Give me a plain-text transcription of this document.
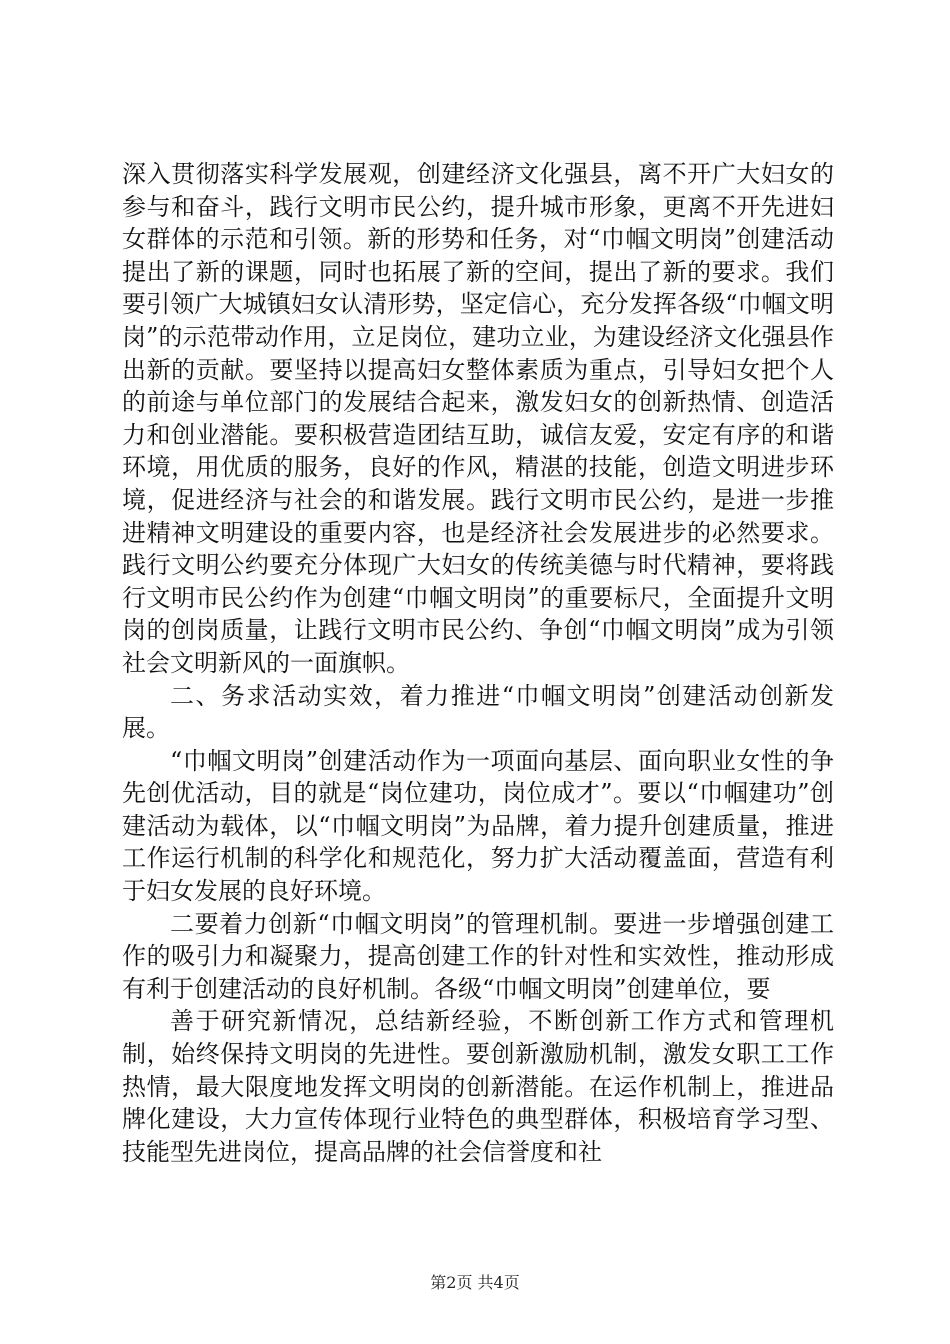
深入贯彻落实科学发展观，创建经济文化强县，离不开广大妇女的参与和奋斗，践行文明市民公约，提升城市形象，更离不开先进妇女群体的示范和引领。新的形势和任务，对“巾帼文明岗”创建活动提出了新的课题，同时也拓展了新的空间，提出了新的要求。我们要引领广大城镇妇女认清形势，坚定信心，充分发挥各级“巾帼文明岗”的示范带动作用，立足岗位，建功立业，为建设经济文化强县作出新的贡献。要坚持以提高妇女整体素质为重点，引导妇女把个人的前途与单位部门的发展结合起来，激发妇女的创新热情、创造活力和创业潜能。要积极营造团结互助，诚信友爱，安定有序的和谐环境，用优质的服务，良好的作风，精湛的技能，创造文明进步环境，促进经济与社会的和谐发展。践行文明市民公约，是进一步推进精神文明建设的重要内容，也是经济社会发展进步的必然要求。践行文明公约要充分体现广大妇女的传统美德与时代精神，要将践行文明市民公约作为创建“巾帼文明岗”的重要标尺，全面提升文明岗的创岗质量，让践行文明市民公约、争创“巾帼文明岗”成为引领社会文明新风的一面旗帜。

二、务求活动实效，着力推进“巾帼文明岗”创建活动创新发展。

“巾帼文明岗”创建活动作为一项面向基层、面向职业女性的争先创优活动，目的就是“岗位建功，岗位成才”。要以“巾帼建功”创建活动为载体，以“巾帼文明岗”为品牌，着力提升创建质量，推进工作运行机制的科学化和规范化，努力扩大活动覆盖面，营造有利于妇女发展的良好环境。

二要着力创新“巾帼文明岗”的管理机制。要进一步增强创建工作的吸引力和凝聚力，提高创建工作的针对性和实效性，推动形成有利于创建活动的良好机制。各级“巾帼文明岗”创建单位，要

善于研究新情况，总结新经验，不断创新工作方式和管理机制，始终保持文明岗的先进性。要创新激励机制，激发女职工工作热情，最大限度地发挥文明岗的创新潜能。在运作机制上，推进品牌化建设，大力宣传体现行业特色的典型群体，积极培育学习型、技能型先进岗位，提高品牌的社会信誉度和社

第2页 共4页
